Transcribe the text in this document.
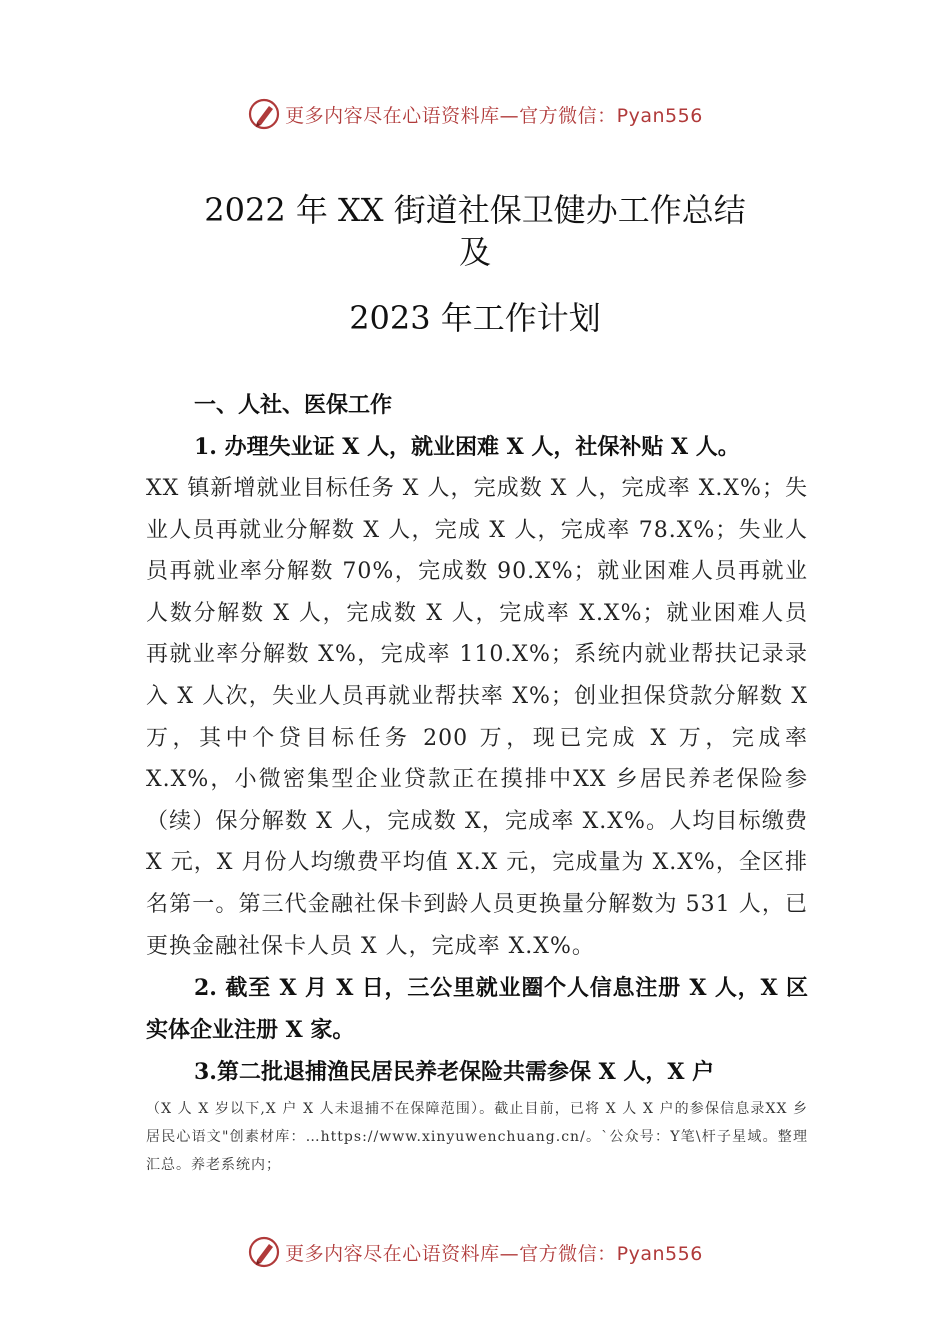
更多内容尽在心语资料库—官方微信：Pyan556
2022 年 XX 街道社保卫健办工作总结
及
2023 年工作计划
一、人社、医保工作
1. 办理失业证 X 人，就业困难 X 人，社保补贴 X 人。
XX 镇新增就业目标任务 X 人，完成数 X 人，完成率 X.X%；失业人员再就业分解数 X 人，完成 X 人，完成率 78.X%；失业人员再就业率分解数 70%，完成数 90.X%；就业困难人员再就业人数分解数 X 人，完成数 X 人，完成率 X.X%；就业困难人员再就业率分解数 X%，完成率 110.X%；系统内就业帮扶记录录入 X 人次，失业人员再就业帮扶率 X%；创业担保贷款分解数 X 万，其中个贷目标任务 200 万，现已完成 X 万，完成率 X.X%，小微密集型企业贷款正在摸排中XX 乡居民养老保险参（续）保分解数 X 人，完成数 X，完成率 X.X%。人均目标缴费 X 元，X 月份人均缴费平均值 X.X 元，完成量为 X.X%，全区排名第一。第三代金融社保卡到龄人员更换量分解数为 531 人，已更换金融社保卡人员 X 人，完成率 X.X%。
2. 截至 X 月 X 日，三公里就业圈个人信息注册 X 人，X 区实体企业注册 X 家。
3.第二批退捕渔民居民养老保险共需参保 X 人，X 户
（X 人 X 岁以下,X 户 X 人未退捕不在保障范围）。截止目前，已将 X 人 X 户的参保信息录XX 乡居民心语文"创素材库：…https://www.xinyuwenchuang.cn/。`公众号：Y笔\杆子星域。整理汇总。养老系统内；
更多内容尽在心语资料库—官方微信：Pyan556
